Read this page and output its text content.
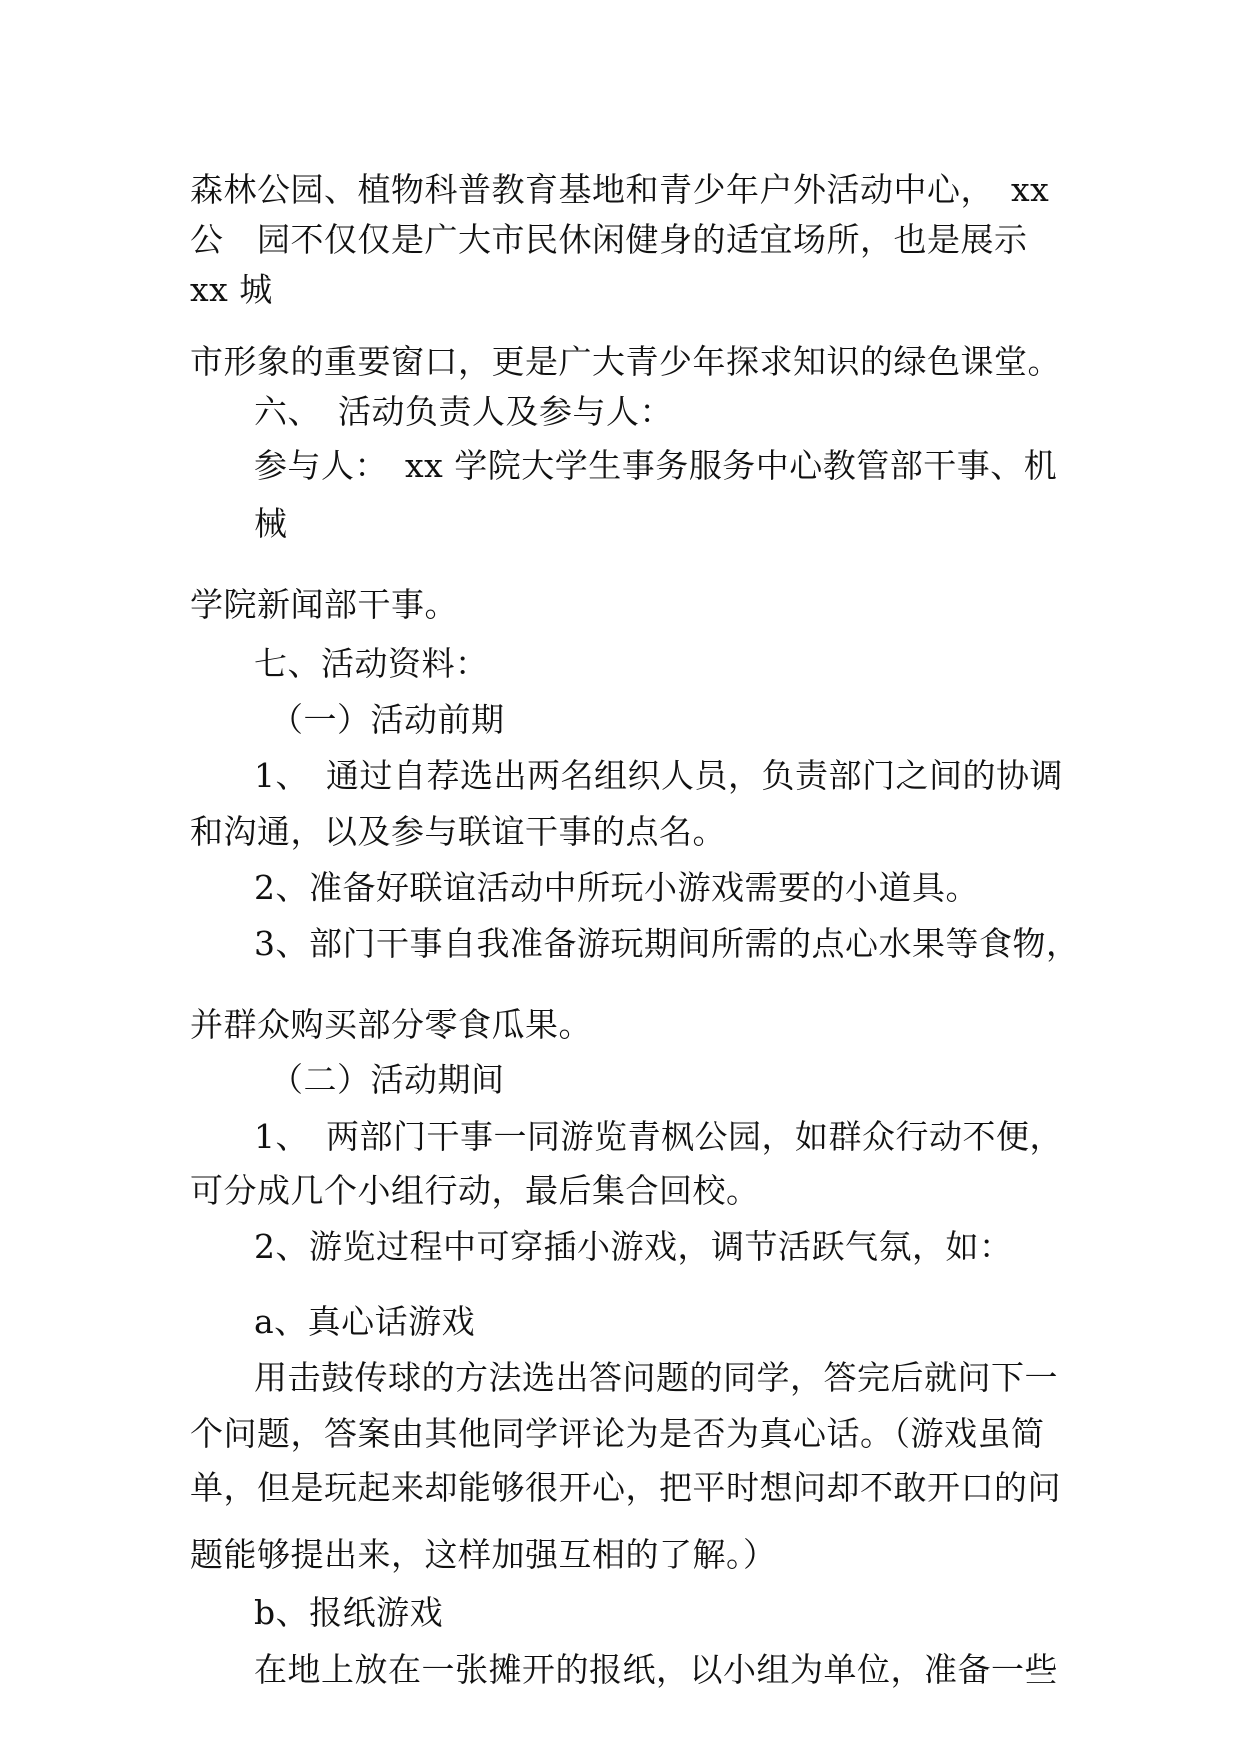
森林公园、植物科普教育基地和青少年户外活动中心，　xx
公　园不仅仅是广大市民休闲健身的适宜场所，也是展示
xx 城
市形象的重要窗口，更是广大青少年探求知识的绿色课堂。
六、　活动负责人及参与人：
参与人：　xx 学院大学生事务服务中心教管部干事、机
械
学院新闻部干事。
七、活动资料：
（一）活动前期
1、　通过自荐选出两名组织人员，负责部门之间的协调
和沟通，以及参与联谊干事的点名。
2、准备好联谊活动中所玩小游戏需要的小道具。
3、部门干事自我准备游玩期间所需的点心水果等食物，
并群众购买部分零食瓜果。
（二）活动期间
1、　两部门干事一同游览青枫公园，如群众行动不便，
可分成几个小组行动，最后集合回校。
2、游览过程中可穿插小游戏，调节活跃气氛，如：
a、真心话游戏
用击鼓传球的方法选出答问题的同学，答完后就问下一
个问题，答案由其他同学评论为是否为真心话。（游戏虽简
单，但是玩起来却能够很开心，把平时想问却不敢开口的问
题能够提出来，这样加强互相的了解。）
b、报纸游戏
在地上放在一张摊开的报纸，以小组为单位，准备一些
